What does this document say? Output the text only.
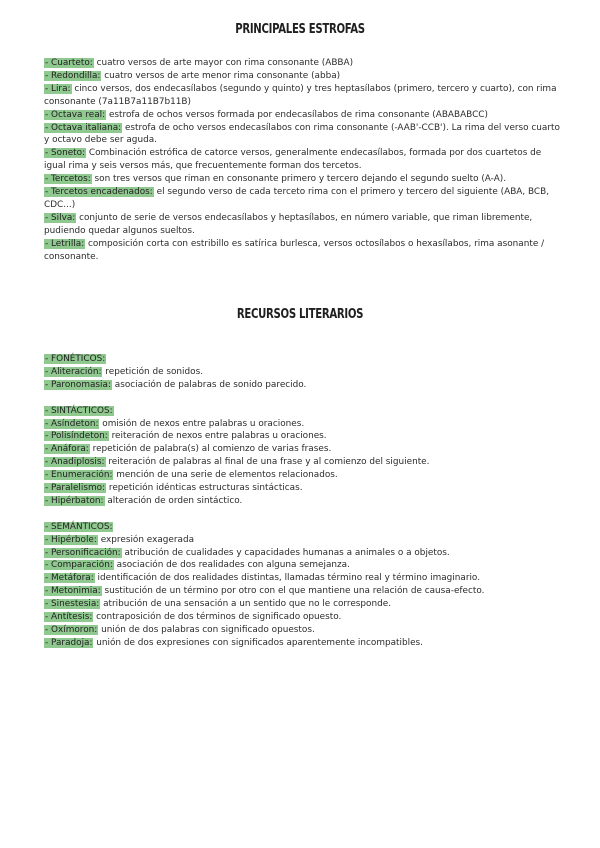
PRINCIPALES ESTROFAS
- Cuarteto: cuatro versos de arte mayor con rima consonante (ABBA)
- Redondilla: cuatro versos de arte menor rima consonante (abba)
- Lira: cinco versos, dos endecasílabos (segundo y quinto) y tres heptasílabos (primero, tercero y cuarto), con rima consonante (7a11B7a11B7b11B)
- Octava real: estrofa de ochos versos formada por endecasílabos de rima consonante (ABABABCC)
- Octava italiana: estrofa de ocho versos endecasílabos con rima consonante (-AAB'-CCB'). La rima del verso cuarto y octavo debe ser aguda.
- Soneto: Combinación estrófica de catorce versos, generalmente endecasílabos, formada por dos cuartetos de igual rima y seis versos más, que frecuentemente forman dos tercetos.
- Tercetos: son tres versos que riman en consonante primero y tercero dejando el segundo suelto (A-A).
- Tercetos encadenados: el segundo verso de cada terceto rima con el primero y tercero del siguiente (ABA, BCB, CDC...)
- Silva: conjunto de serie de versos endecasílabos y heptasílabos, en número variable, que riman libremente, pudiendo quedar algunos sueltos.
- Letrilla: composición corta con estribillo es satírica burlesca, versos octosílabos o hexasílabos, rima asonante / consonante.
RECURSOS LITERARIOS
- FONÉTICOS:
- Aliteración: repetición de sonidos.
- Paronomasia: asociación de palabras de sonido parecido.
- SINTÁCTICOS:
- Asíndeton: omisión de nexos entre palabras u oraciones.
- Polisíndeton: reiteración de nexos entre palabras u oraciones.
- Anáfora: repetición de palabra(s) al comienzo de varias frases.
- Anadiplosis: reiteración de palabras al final de una frase y al comienzo del siguiente.
- Enumeración: mención de una serie de elementos relacionados.
- Paralelismo: repetición idénticas estructuras sintácticas.
- Hipérbaton: alteración de orden sintáctico.
- SEMÁNTICOS:
- Hipérbole: expresión exagerada
- Personificación: atribución de cualidades y capacidades humanas a animales o a objetos.
- Comparación: asociación de dos realidades con alguna semejanza.
- Metáfora: identificación de dos realidades distintas, llamadas término real y término imaginario.
- Metonimia: sustitución de un término por otro con el que mantiene una relación de causa-efecto.
- Sinestesia: atribución de una sensación a un sentido que no le corresponde.
- Antítesis: contraposición de dos términos de significado opuesto.
- Oxímoron: unión de dos palabras con significado opuestos.
- Paradoja: unión de dos expresiones con significados aparentemente incompatibles.
